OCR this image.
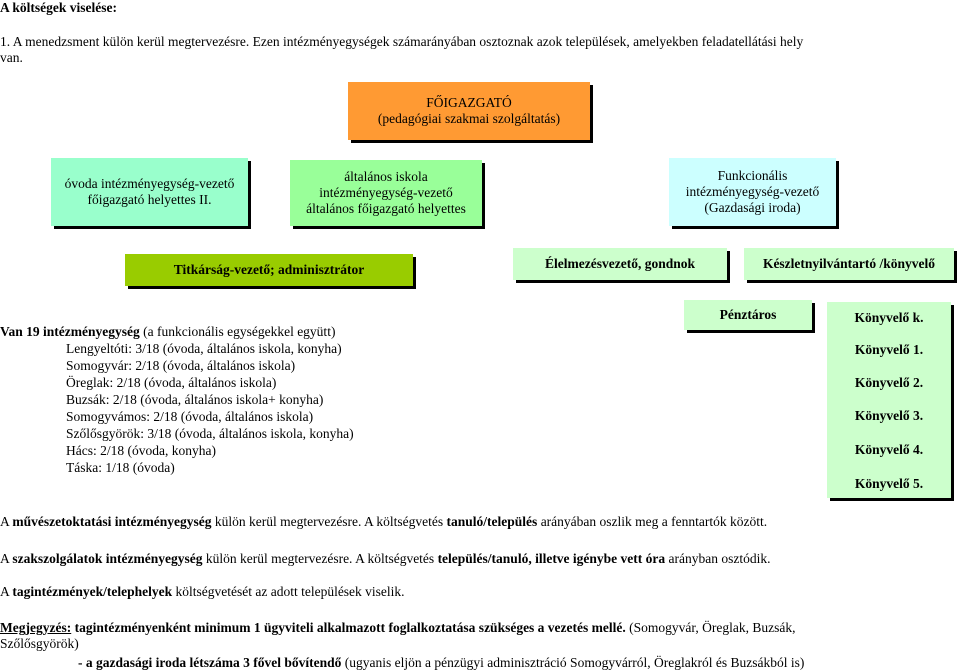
A költségek viselése:
1. A menedzsment külön kerül megtervezésre. Ezen intézményegységek számarányában osztoznak azok települések, amelyekben feladatellátási hely
van.
FŐIGAZGATÓ
(pedagógiai szakmai szolgáltatás)
óvoda intézményegység-vezető
főigazgató helyettes II.
általános iskola
intézményegység-vezető
általános főigazgató helyettes
Funkcionális
intézményegység-vezető
(Gazdasági iroda)
Titkárság-vezető; adminisztrátor	Élelmezésvezető, gondnok	Készletnyilvántartó /könyvelő
Pénztáros	Könyvelő k.
Könyvelő 1.
Könyvelő 2.
Könyvelő 3.
Könyvelő 4.
Könyvelő 5.
Van 19 intézményegység (a funkcionális egységekkel együtt)
Lengyeltóti: 3/18 (óvoda, általános iskola, konyha)
Somogyvár: 2/18 (óvoda, általános iskola)
Öreglak: 2/18 (óvoda, általános iskola)
Buzsák: 2/18 (óvoda, általános iskola+ konyha)
Somogyvámos: 2/18 (óvoda, általános iskola)
Szőlősgyörök: 3/18 (óvoda, általános iskola, konyha)
Hács: 2/18 (óvoda, konyha)
Táska: 1/18 (óvoda)
A művészetoktatási intézményegység külön kerül megtervezésre. A költségvetés tanuló/település arányában oszlik meg a fenntartók között.
A szakszolgálatok intézményegység külön kerül megtervezésre. A költségvetés település/tanuló, illetve igénybe vett óra arányban osztódik.
A tagintézmények/telephelyek költségvetését az adott települések viselik.
Megjegyzés: tagintézményenként minimum 1 ügyviteli alkalmazott foglalkoztatása szükséges a vezetés mellé. (Somogyvár, Öreglak, Buzsák,
Szőlősgyörök)
- a gazdasági iroda létszáma 3 fővel bővítendő (ugyanis eljön a pénzügyi adminisztráció Somogyvárról, Öreglakról és Buzsákból is)
